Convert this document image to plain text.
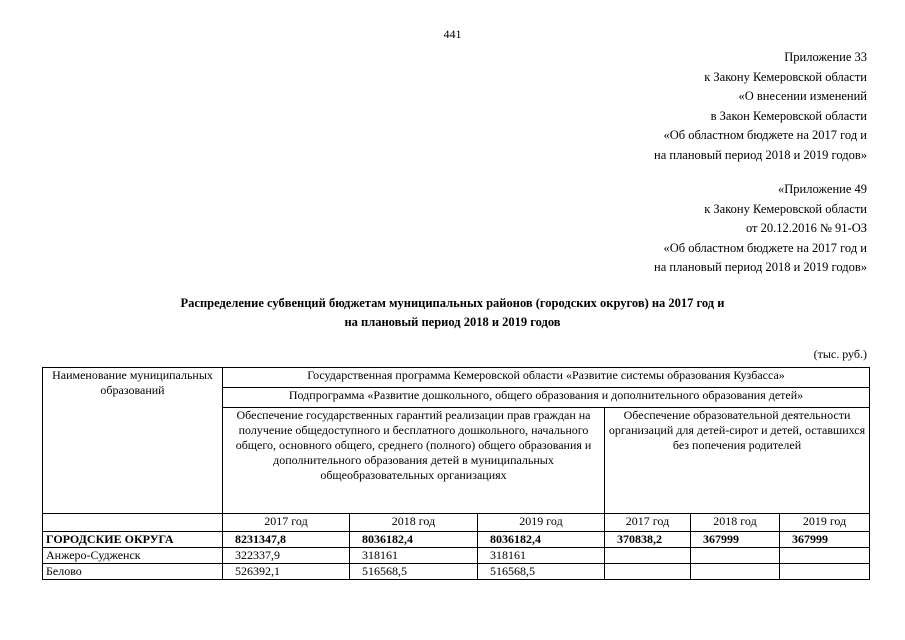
441
Приложение 33
к Закону Кемеровской области
«О внесении изменений
в Закон Кемеровской области
«Об областном бюджете на 2017 год и
на плановый период 2018 и 2019 годов»
«Приложение 49
к Закону Кемеровской области
от 20.12.2016 № 91-ОЗ
«Об областном бюджете на 2017 год и
на плановый период 2018 и 2019 годов»
Распределение субвенций бюджетам муниципальных районов (городских округов) на 2017 год и
на плановый период 2018 и 2019 годов
(тыс. руб.)
Наименование муниципальных образований	Государственная программа Кемеровской области «Развитие системы образования Кузбасса»					
	Подпрограмма «Развитие дошкольного, общего образования и дополнительного образования детей»					
	Обеспечение государственных гарантий реализации прав граждан на получение общедоступного и бесплатного дошкольного, начального общего, основного общего, среднего (полного) общего образования и дополнительного образования детей в муниципальных общеобразовательных организациях			Обеспечение образовательной деятельности организаций для детей-сирот и детей, оставшихся без попечения родителей		
	2017 год	2018 год	2019 год	2017 год	2018 год	2019 год
ГОРОДСКИЕ ОКРУГА	8231347,8	8036182,4	8036182,4	370838,2	367999	367999
Анжеро-Судженск	322337,9	318161	318161			
Белово	526392,1	516568,5	516568,5			
